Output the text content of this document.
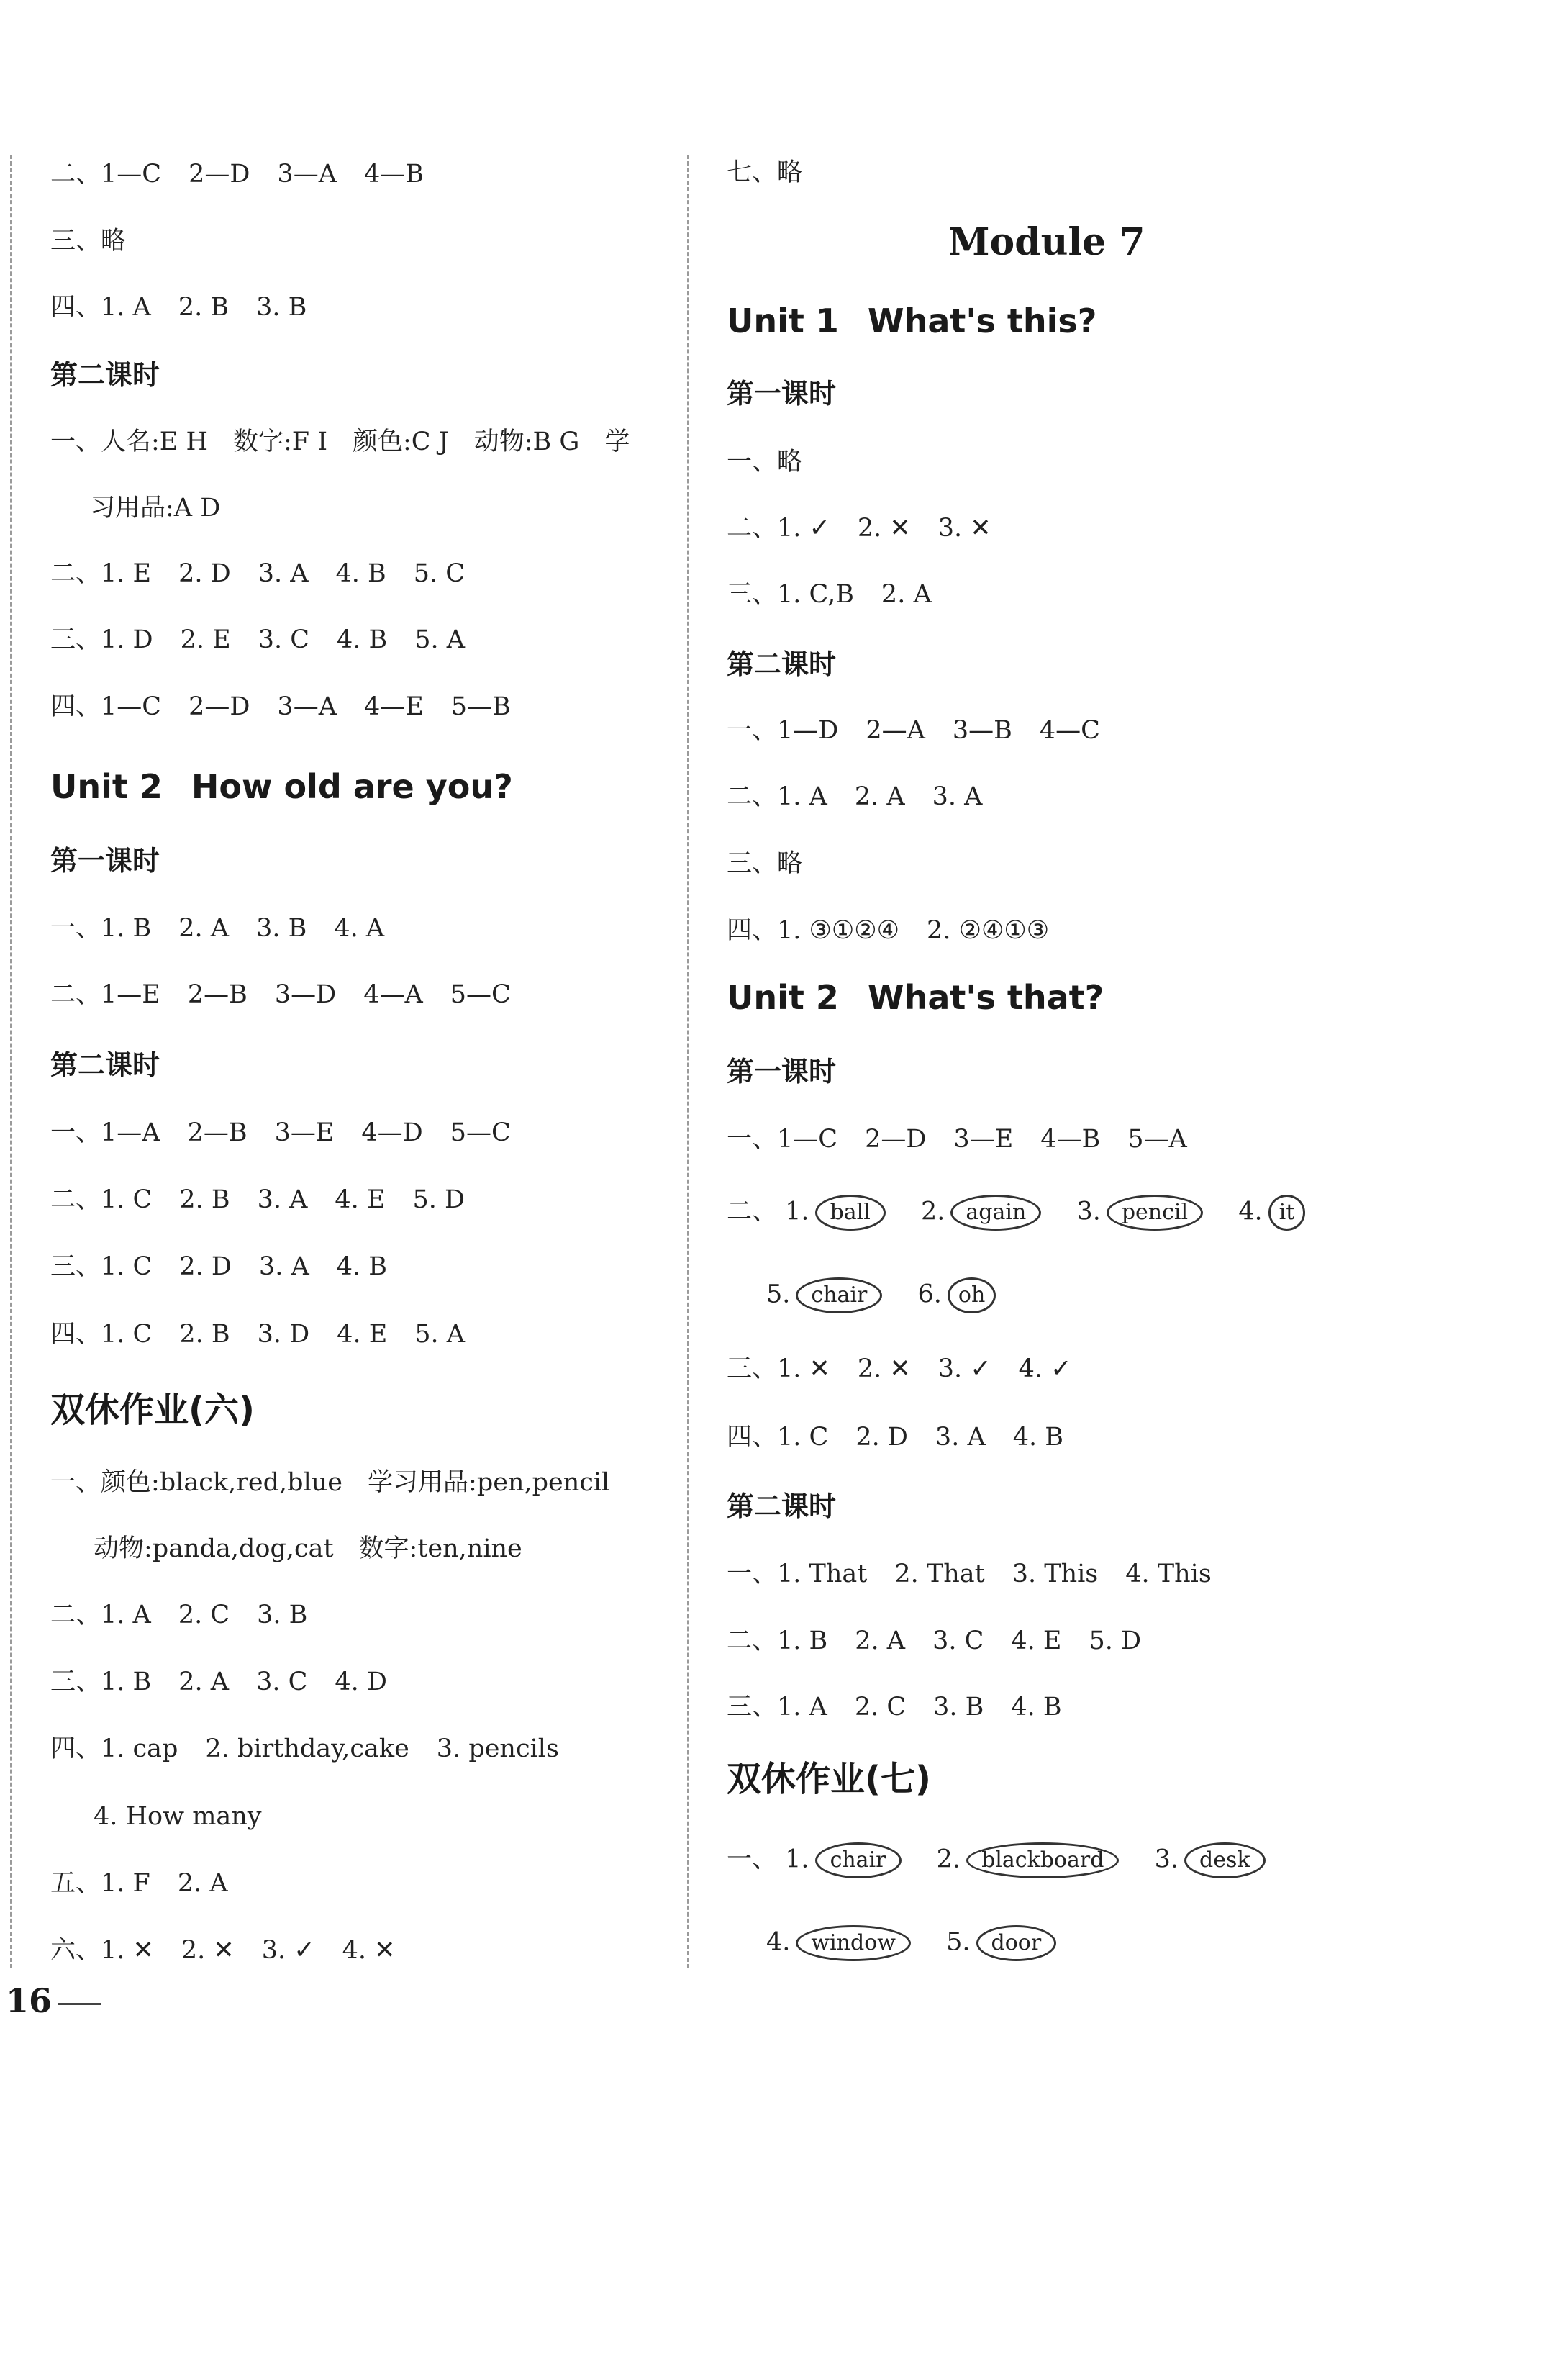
二、1—C 2—D 3—A 4—B
三、略
四、1. A 2. B 3. B
第二课时
一、人名:E H　数字:F I　颜色:C J　动物:B G　学
习用品:A D
二、1. E 2. D 3. A 4. B 5. C
三、1. D 2. E 3. C 4. B 5. A
四、1—C 2—D 3—A 4—E 5—B
Unit 2 How old are you?
第一课时
一、1. B 2. A 3. B 4. A
二、1—E 2—B 3—D 4—A 5—C
第二课时
一、1—A 2—B 3—E 4—D 5—C
二、1. C 2. B 3. A 4. E 5. D
三、1. C 2. D 3. A 4. B
四、1. C 2. B 3. D 4. E 5. A
双休作业(六)
一、颜色:black,red,blue　学习用品:pen,pencil
动物:panda,dog,cat　数字:ten,nine
二、1. A 2. C 3. B
三、1. B 2. A 3. C 4. D
四、1. cap 2. birthday,cake 3. pencils
4. How many
五、1. F 2. A
六、1. ✕ 2. ✕ 3. ✓ 4. ✕
16
Module 7
七、略
Unit 1 What's this?
第一课时
一、略
二、1. ✓ 2. ✕ 3. ✕
三、1. C,B 2. A
第二课时
一、1—D 2—A 3—B 4—C
二、1. A 2. A 3. A
三、略
四、1. ③①②④ 2. ②④①③
Unit 2 What's that?
第一课时
一、1—C 2—D 3—E 4—B 5—A
二、 1. ball 2. again 3. pencil 4. it
5. chair 6. oh
三、1. ✕ 2. ✕ 3. ✓ 4. ✓
四、1. C 2. D 3. A 4. B
第二课时
一、1. That 2. That 3. This 4. This
二、1. B 2. A 3. C 4. E 5. D
三、1. A 2. C 3. B 4. B
双休作业(七)
一、 1. chair 2. blackboard 3. desk
4. window 5. door
